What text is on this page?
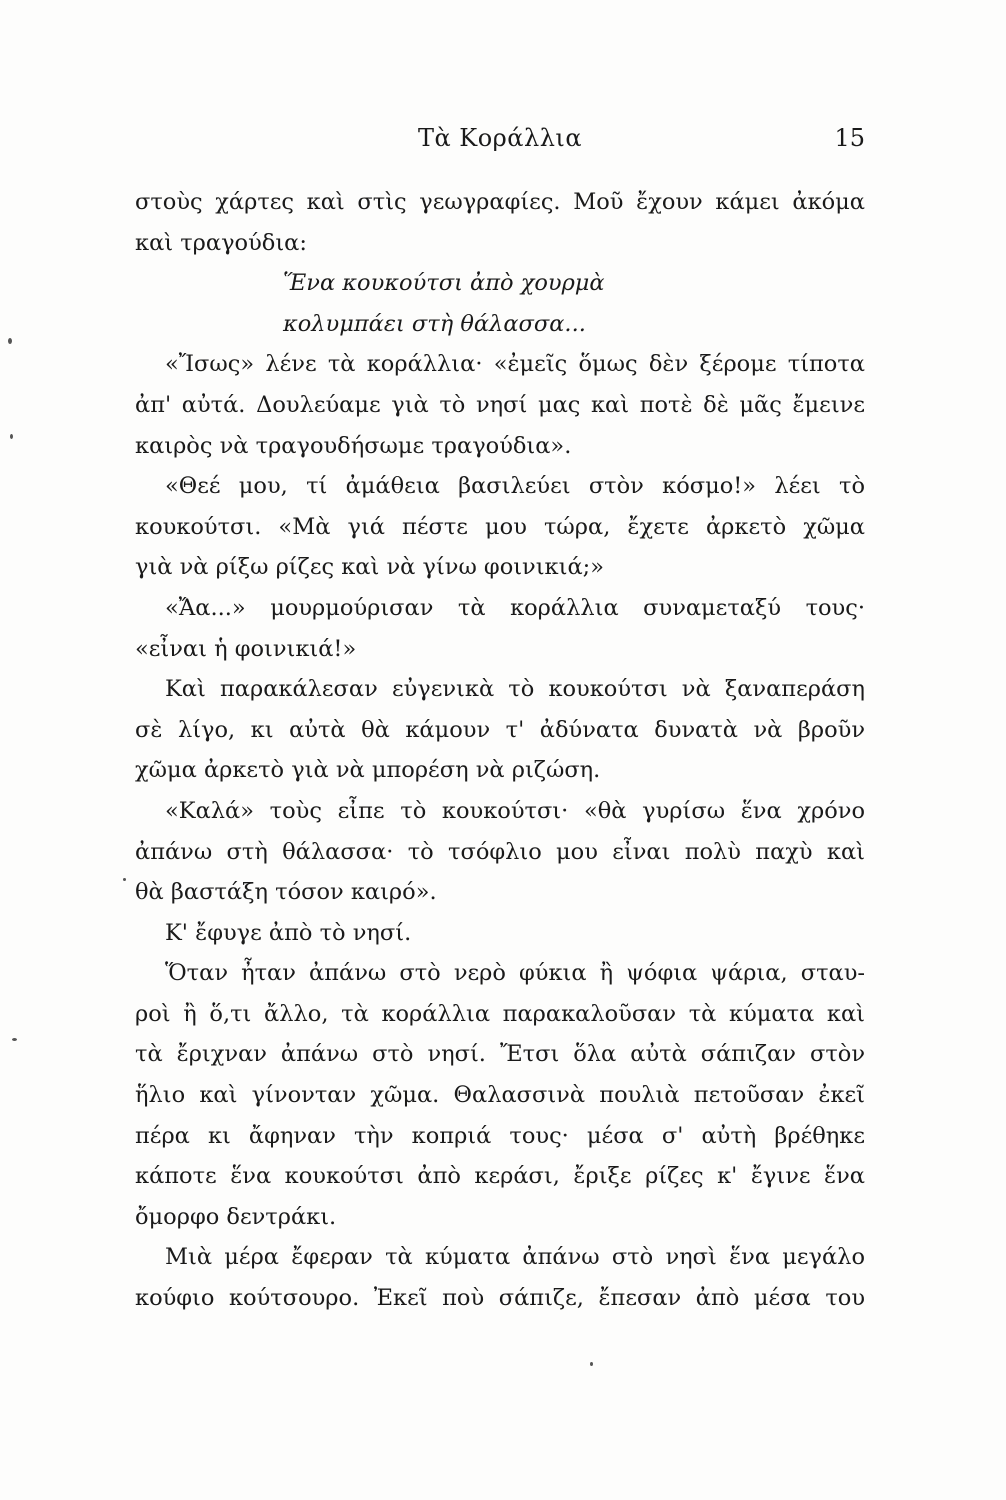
Τὰ Κοράλλια	15
στοὺς χάρτες καὶ στὶς γεωγραφίες. Μοῦ ἔχουν κάμει ἀκόμα
καὶ τραγούδια:
Ἕνα κουκούτσι ἀπὸ χουρμὰ
κολυμπάει στὴ θάλασσα...
«Ἴσως» λένε τὰ κοράλλια· «ἐμεῖς ὅμως δὲν ξέρομε τίποτα
ἀπ' αὐτά. Δουλεύαμε γιὰ τὸ νησί μας καὶ ποτὲ δὲ μᾶς ἔμεινε
καιρὸς νὰ τραγουδήσωμε τραγούδια».
«Θεέ μου, τί ἀμάθεια βασιλεύει στὸν κόσμο!» λέει τὸ
κουκούτσι. «Μὰ γιά πέστε μου τώρα, ἔχετε ἀρκετὸ χῶμα
γιὰ νὰ ρίξω ρίζες καὶ νὰ γίνω φοινικιά;»
«Ἄα...» μουρμούρισαν τὰ κοράλλια συναμεταξύ τους·
«εἶναι ἡ φοινικιά!»
Καὶ παρακάλεσαν εὐγενικὰ τὸ κουκούτσι νὰ ξαναπεράση
σὲ λίγο, κι αὐτὰ θὰ κάμουν τ' ἀδύνατα δυνατὰ νὰ βροῦν
χῶμα ἀρκετὸ γιὰ νὰ μπορέση νὰ ριζώση.
«Καλά» τοὺς εἶπε τὸ κουκούτσι· «θὰ γυρίσω ἕνα χρόνο
ἀπάνω στὴ θάλασσα· τὸ τσόφλιο μου εἶναι πολὺ παχὺ καὶ
θὰ βαστάξη τόσον καιρό».
Κ' ἔφυγε ἀπὸ τὸ νησί.
Ὅταν ἦταν ἀπάνω στὸ νερὸ φύκια ἢ ψόφια ψάρια, σταυ-
ροὶ ἢ ὅ,τι ἄλλο, τὰ κοράλλια παρακαλοῦσαν τὰ κύματα καὶ
τὰ ἔριχναν ἀπάνω στὸ νησί. Ἔτσι ὅλα αὐτὰ σάπιζαν στὸν
ἥλιο καὶ γίνονταν χῶμα. Θαλασσινὰ πουλιὰ πετοῦσαν ἐκεῖ
πέρα κι ἄφηναν τὴν κοπριά τους· μέσα σ' αὐτὴ βρέθηκε
κάποτε ἕνα κουκούτσι ἀπὸ κεράσι, ἔριξε ρίζες κ' ἔγινε ἕνα
ὄμορφο δεντράκι.
Μιὰ μέρα ἔφεραν τὰ κύματα ἀπάνω στὸ νησὶ ἕνα μεγάλο
κούφιο κούτσουρο. Ἐκεῖ ποὺ σάπιζε, ἔπεσαν ἀπὸ μέσα του
